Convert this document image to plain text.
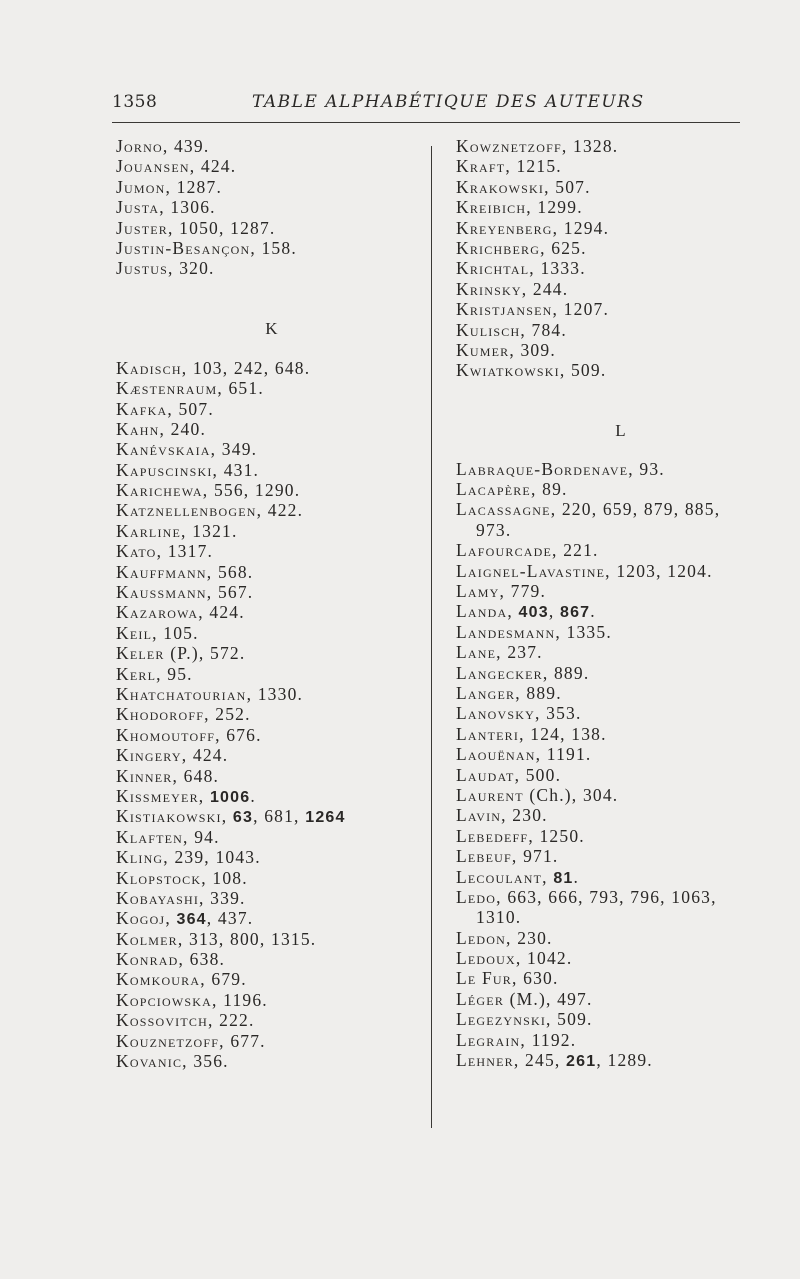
1358	TABLE ALPHABÉTIQUE DES AUTEURS
Jorno, 439.
Jouansen, 424.
Jumon, 1287.
Justa, 1306.
Juster, 1050, 1287.
Justin-Besançon, 158.
Justus, 320.
K
Kadisch, 103, 242, 648.
Kæstenraum, 651.
Kafka, 507.
Kahn, 240.
Kanévskaia, 349.
Kapuscinski, 431.
Karichewa, 556, 1290.
Katznellenbogen, 422.
Karline, 1321.
Kato, 1317.
Kauffmann, 568.
Kaussmann, 567.
Kazarowa, 424.
Keil, 105.
Keler (P.), 572.
Kerl, 95.
Khatchatourian, 1330.
Khodoroff, 252.
Khomoutoff, 676.
Kingery, 424.
Kinner, 648.
Kissmeyer, 1006.
Kistiakowski, 63, 681, 1264
Klaften, 94.
Kling, 239, 1043.
Klopstock, 108.
Kobayashi, 339.
Kogoj, 364, 437.
Kolmer, 313, 800, 1315.
Konrad, 638.
Komkoura, 679.
Kopciowska, 1196.
Kossovitch, 222.
Kouznetzoff, 677.
Kovanic, 356.
Kowznetzoff, 1328.
Kraft, 1215.
Krakowski, 507.
Kreibich, 1299.
Kreyenberg, 1294.
Krichberg, 625.
Krichtal, 1333.
Krinsky, 244.
Kristjansen, 1207.
Kulisch, 784.
Kumer, 309.
Kwiatkowski, 509.
L
Labraque-Bordenave, 93.
Lacapère, 89.
Lacassagne, 220, 659, 879, 885,
973.
Lafourcade, 221.
Laignel-Lavastine, 1203, 1204.
Lamy, 779.
Landa, 403, 867.
Landesmann, 1335.
Lane, 237.
Langecker, 889.
Langer, 889.
Lanovsky, 353.
Lanteri, 124, 138.
Laouënan, 1191.
Laudat, 500.
Laurent (Ch.), 304.
Lavin, 230.
Lebedeff, 1250.
Lebeuf, 971.
Lecoulant, 81.
Ledo, 663, 666, 793, 796, 1063,
1310.
Ledon, 230.
Ledoux, 1042.
Le Fur, 630.
Léger (M.), 497.
Legezynski, 509.
Legrain, 1192.
Lehner, 245, 261, 1289.
